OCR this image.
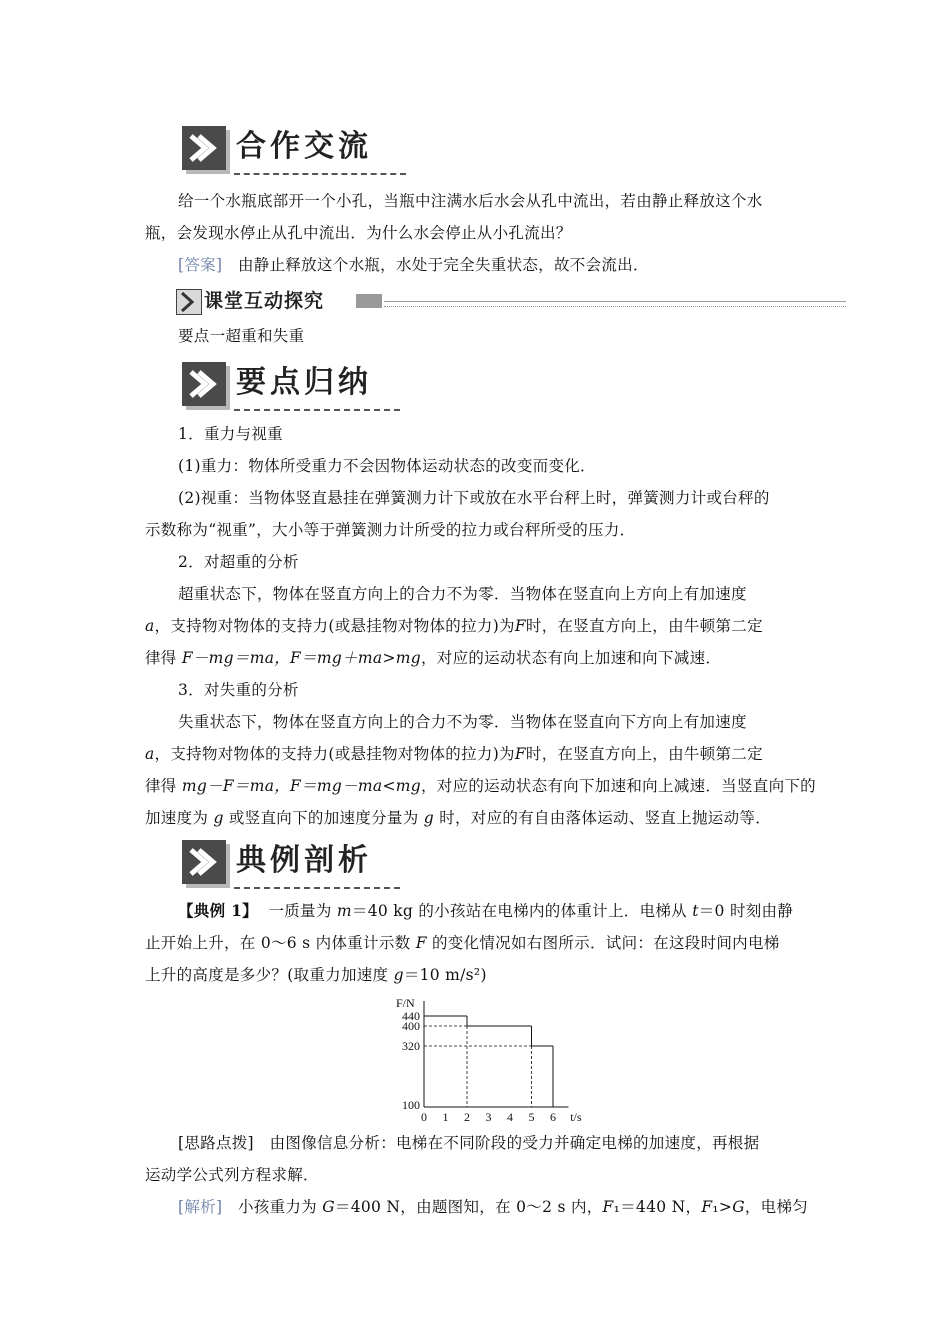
合作交流
给一个水瓶底部开一个小孔，当瓶中注满水后水会从孔中流出，若由静止释放这个水
瓶，会发现水停止从孔中流出．为什么水会停止从小孔流出？
[答案] 由静止释放这个水瓶，水处于完全失重状态，故不会流出．
课堂互动探究
要点一超重和失重
要点归纳
1．重力与视重
(1)重力：物体所受重力不会因物体运动状态的改变而变化．
(2)视重：当物体竖直悬挂在弹簧测力计下或放在水平台秤上时，弹簧测力计或台秤的
示数称为“视重”，大小等于弹簧测力计所受的拉力或台秤所受的压力．
2．对超重的分析
超重状态下，物体在竖直方向上的合力不为零．当物体在竖直向上方向上有加速度
a，支持物对物体的支持力(或悬挂物对物体的拉力)为F时，在竖直方向上，由牛顿第二定
律得 F－mg＝ma，F＝mg＋ma>mg，对应的运动状态有向上加速和向下减速．
3．对失重的分析
失重状态下，物体在竖直方向上的合力不为零．当物体在竖直向下方向上有加速度
a，支持物对物体的支持力(或悬挂物对物体的拉力)为F时，在竖直方向上，由牛顿第二定
律得 mg－F＝ma，F＝mg－ma<mg，对应的运动状态有向下加速和向上减速．当竖直向下的
加速度为 g 或竖直向下的加速度分量为 g 时，对应的有自由落体运动、竖直上抛运动等．
典例剖析
【典例 1】 一质量为 m＝40 kg 的小孩站在电梯内的体重计上．电梯从 t＝0 时刻由静
止开始上升，在 0～6 s 内体重计示数 F 的变化情况如右图所示．试问：在这段时间内电梯
上升的高度是多少？(取重力加速度 g＝10 m/s²)
F/N
t/s
440
400
320
100
0 1 2 3 4 5 6
[思路点拨] 由图像信息分析：电梯在不同阶段的受力并确定电梯的加速度，再根据
运动学公式列方程求解．
[解析] 小孩重力为 G＝400 N，由题图知，在 0～2 s 内，F₁＝440 N，F₁>G，电梯匀
